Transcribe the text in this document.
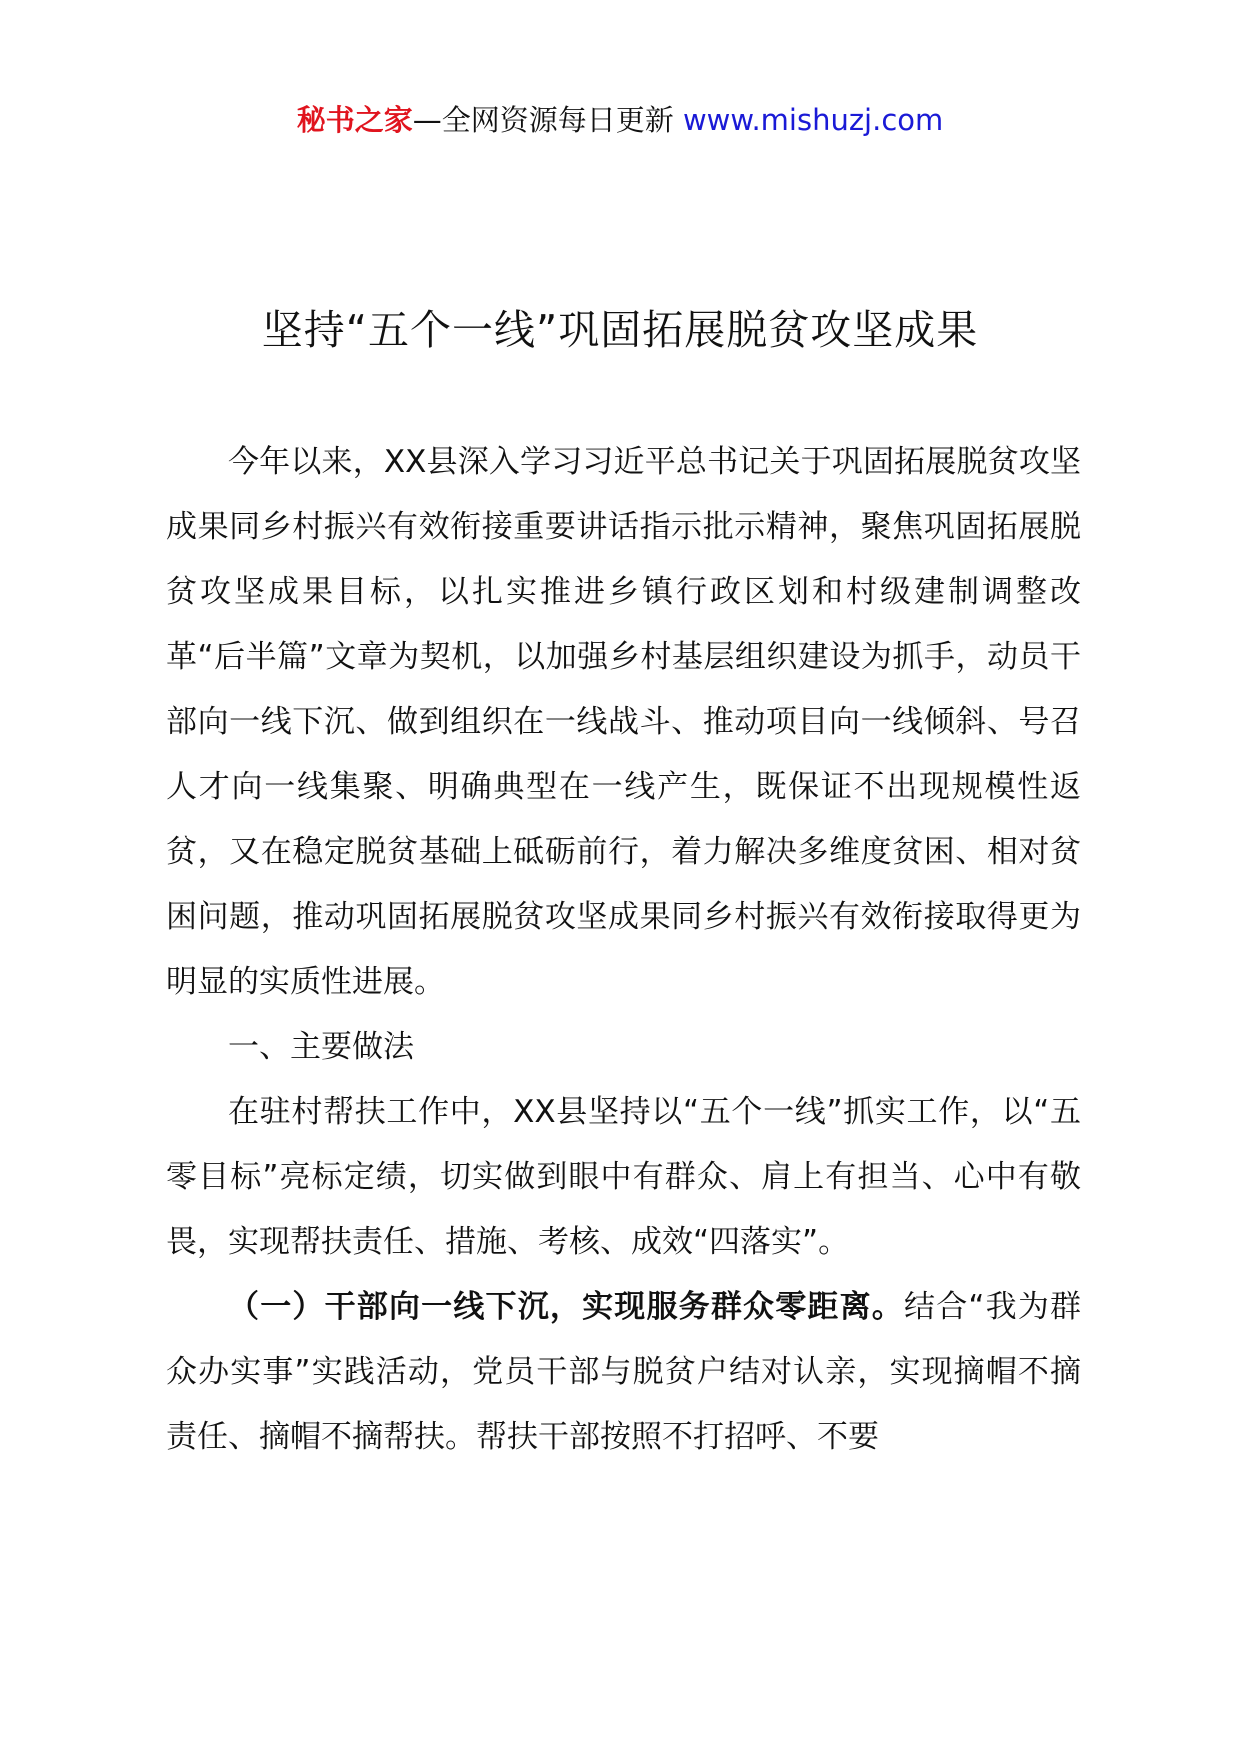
秘书之家—全网资源每日更新 www.mishuzj.com
坚持“五个一线”巩固拓展脱贫攻坚成果

今年以来，XX县深入学习习近平总书记关于巩固拓展脱贫攻坚成果同乡村振兴有效衔接重要讲话指示批示精神，聚焦巩固拓展脱贫攻坚成果目标，以扎实推进乡镇行政区划和村级建制调整改革“后半篇”文章为契机，以加强乡村基层组织建设为抓手，动员干部向一线下沉、做到组织在一线战斗、推动项目向一线倾斜、号召人才向一线集聚、明确典型在一线产生，既保证不出现规模性返贫，又在稳定脱贫基础上砥砺前行，着力解决多维度贫困、相对贫困问题，推动巩固拓展脱贫攻坚成果同乡村振兴有效衔接取得更为明显的实质性进展。

一、主要做法

在驻村帮扶工作中，XX县坚持以“五个一线”抓实工作，以“五零目标”亮标定绩，切实做到眼中有群众、肩上有担当、心中有敬畏，实现帮扶责任、措施、考核、成效“四落实”。

（一）干部向一线下沉，实现服务群众零距离。结合“我为群众办实事”实践活动，党员干部与脱贫户结对认亲，实现摘帽不摘责任、摘帽不摘帮扶。帮扶干部按照不打招呼、不要
